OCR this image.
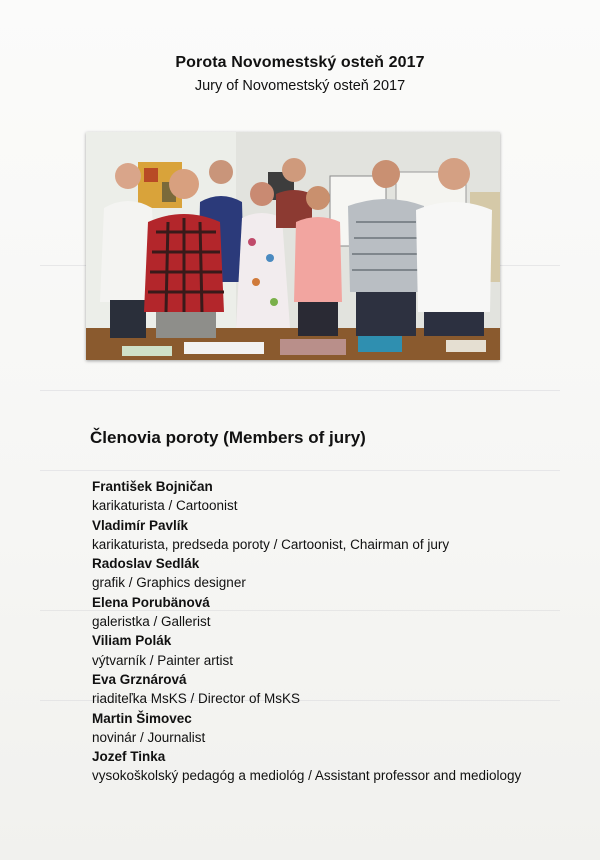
Porota Novomestský osteň 2017
Jury of Novomestský osteň 2017
Členovia poroty (Members of jury)
František Bojničan
karikaturista / Cartoonist
Vladimír Pavlík
karikaturista, predseda poroty / Cartoonist, Chairman of jury
Radoslav Sedlák
grafik / Graphics designer
Elena Porubänová
galeristka / Gallerist
Viliam Polák
výtvarník / Painter artist
Eva Grznárová
riaditeľka MsKS / Director of MsKS
Martin Šimovec
novinár / Journalist
Jozef Tinka
vysokoškolský pedagóg a mediológ / Assistant professor and mediology
